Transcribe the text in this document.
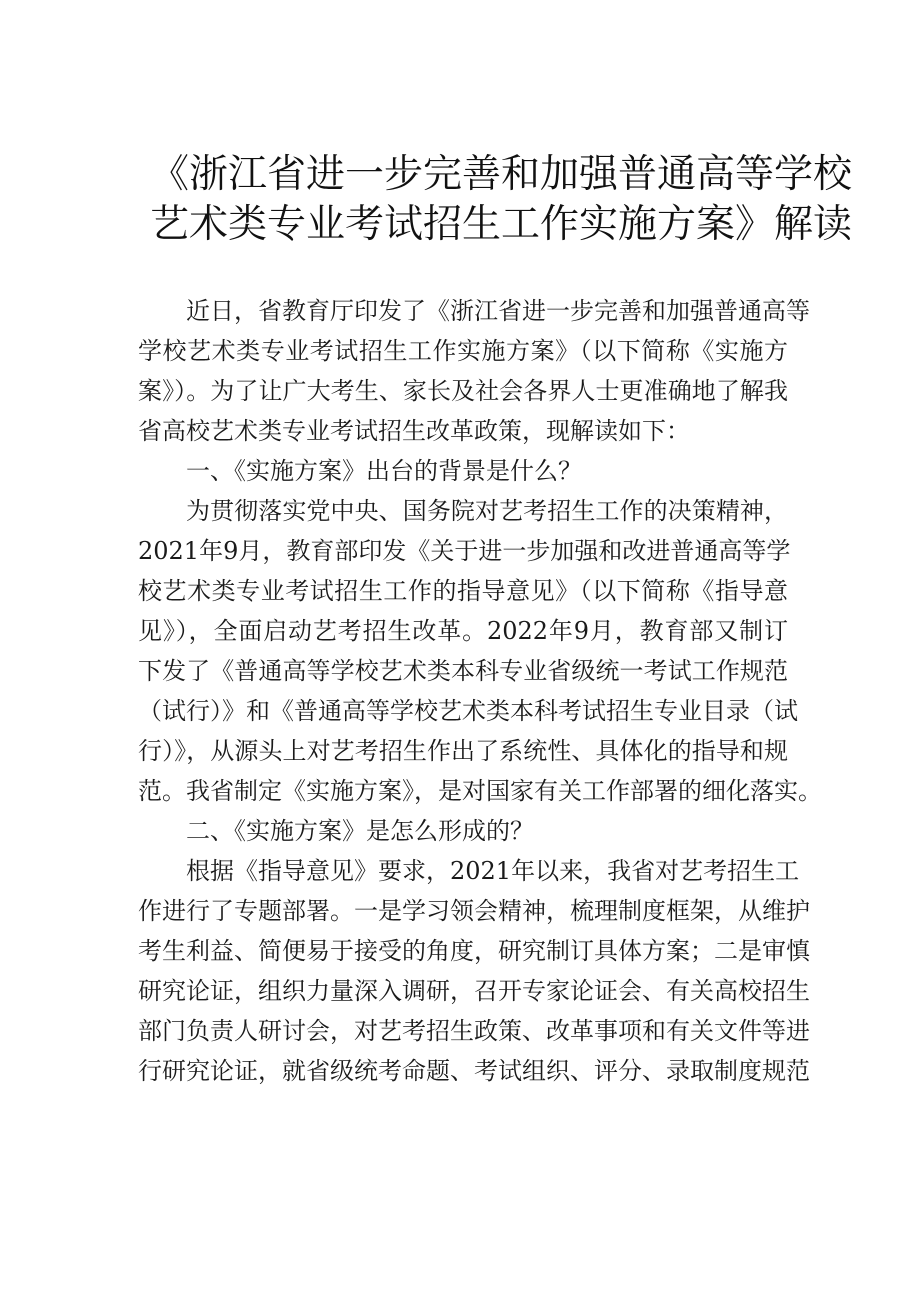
《浙江省进一步完善和加强普通高等学校
艺术类专业考试招生工作实施方案》解读
近日，省教育厅印发了《浙江省进一步完善和加强普通高等
学校艺术类专业考试招生工作实施方案》（以下简称《实施方
案》）。为了让广大考生、家长及社会各界人士更准确地了解我
省高校艺术类专业考试招生改革政策，现解读如下：
一、《实施方案》出台的背景是什么？
为贯彻落实党中央、国务院对艺考招生工作的决策精神，
2021年9月，教育部印发《关于进一步加强和改进普通高等学
校艺术类专业考试招生工作的指导意见》（以下简称《指导意
见》），全面启动艺考招生改革。2022年9月，教育部又制订
下发了《普通高等学校艺术类本科专业省级统一考试工作规范
（试行）》和《普通高等学校艺术类本科考试招生专业目录（试
行）》，从源头上对艺考招生作出了系统性、具体化的指导和规
范。我省制定《实施方案》，是对国家有关工作部署的细化落实。
二、《实施方案》是怎么形成的？
根据《指导意见》要求，2021年以来，我省对艺考招生工
作进行了专题部署。一是学习领会精神，梳理制度框架，从维护
考生利益、简便易于接受的角度，研究制订具体方案；二是审慎
研究论证，组织力量深入调研，召开专家论证会、有关高校招生
部门负责人研讨会，对艺考招生政策、改革事项和有关文件等进
行研究论证，就省级统考命题、考试组织、评分、录取制度规范
